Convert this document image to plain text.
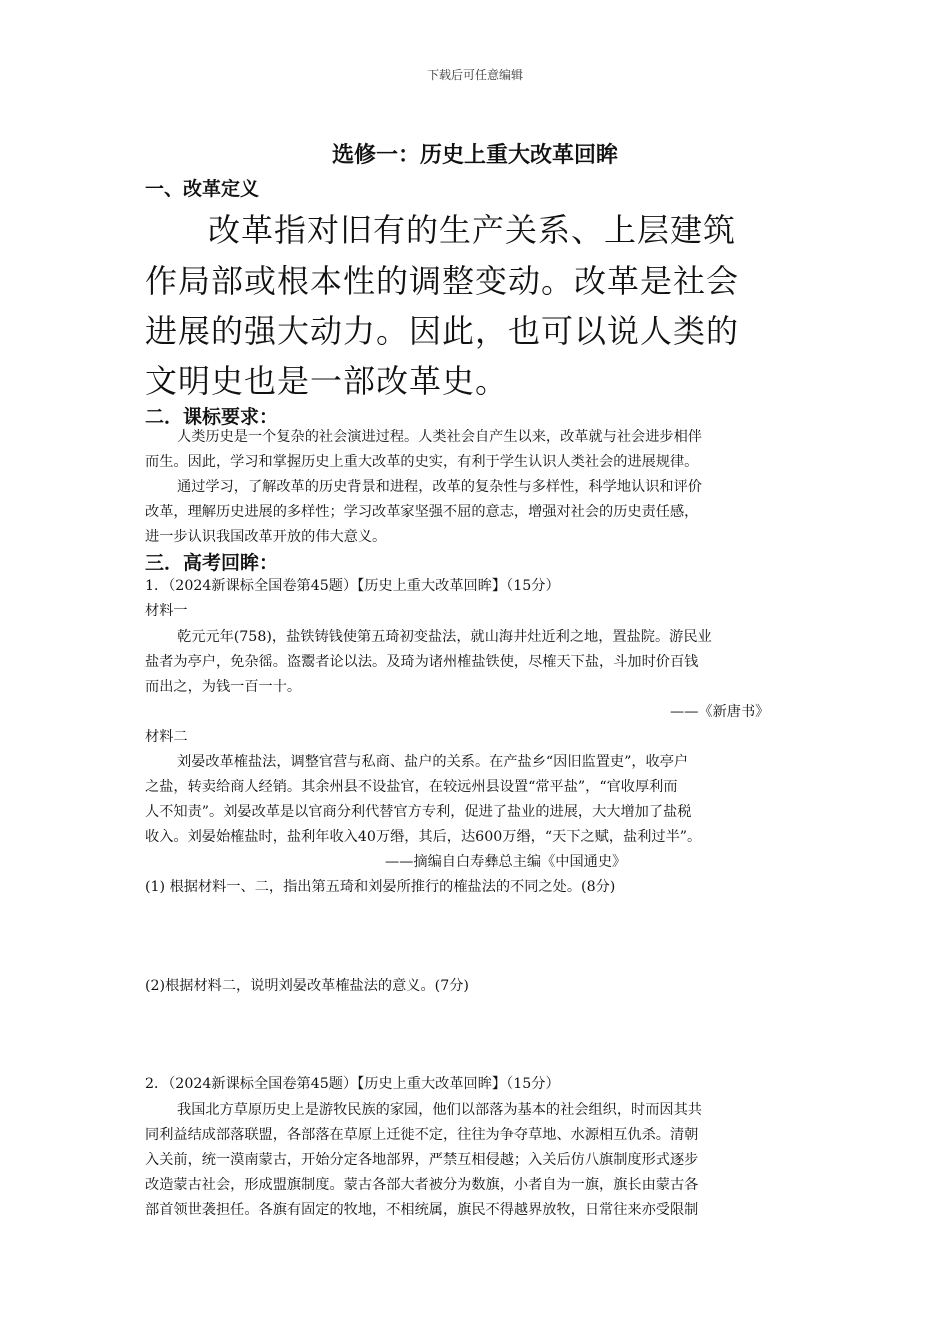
下载后可任意编辑
选修一：历史上重大改革回眸
一、改革定义
改革指对旧有的生产关系、上层建筑
作局部或根本性的调整变动。改革是社会
进展的强大动力。因此，也可以说人类的
文明史也是一部改革史。
二．课标要求：
人类历史是一个复杂的社会演进过程。人类社会自产生以来，改革就与社会进步相伴
而生。因此，学习和掌握历史上重大改革的史实，有利于学生认识人类社会的进展规律。
通过学习，了解改革的历史背景和进程，改革的复杂性与多样性，科学地认识和评价
改革，理解历史进展的多样性；学习改革家坚强不屈的意志，增强对社会的历史责任感，
进一步认识我国改革开放的伟大意义。
三．高考回眸：
1．（2024新课标全国卷第45题）【历史上重大改革回眸】（15分）
材料一
乾元元年(758)，盐铁铸钱使第五琦初变盐法，就山海井灶近利之地，置盐院。游民业
盐者为亭户，免杂徭。盗鬻者论以法。及琦为诸州榷盐铁使，尽榷天下盐，斗加时价百钱
而出之，为钱一百一十。
——《新唐书》
材料二
刘晏改革榷盐法，调整官营与私商、盐户的关系。在产盐乡“因旧监置吏”，收亭户
之盐，转卖给商人经销。其余州县不设盐官，在较远州县设置“常平盐”，“官收厚利而
人不知责”。刘晏改革是以官商分利代替官方专利，促进了盐业的进展，大大增加了盐税
收入。刘晏始榷盐时，盐利年收入40万缗，其后，达600万缗，“天下之赋，盐利过半”。
——摘编自白寿彝总主编《中国通史》
(1) 根据材料一、二，指出第五琦和刘晏所推行的榷盐法的不同之处。(8分)
(2)根据材料二，说明刘晏改革榷盐法的意义。(7分)
2．（2024新课标全国卷第45题）【历史上重大改革回眸】（15分）
我国北方草原历史上是游牧民族的家园，他们以部落为基本的社会组织，时而因其共
同利益结成部落联盟，各部落在草原上迁徙不定，往往为争夺草地、水源相互仇杀。清朝
入关前，统一漠南蒙古，开始分定各地部界，严禁互相侵越；入关后仿八旗制度形式逐步
改造蒙古社会，形成盟旗制度。蒙古各部大者被分为数旗，小者自为一旗，旗长由蒙古各
部首领世袭担任。各旗有固定的牧地，不相统属，旗民不得越界放牧，日常往来亦受限制
